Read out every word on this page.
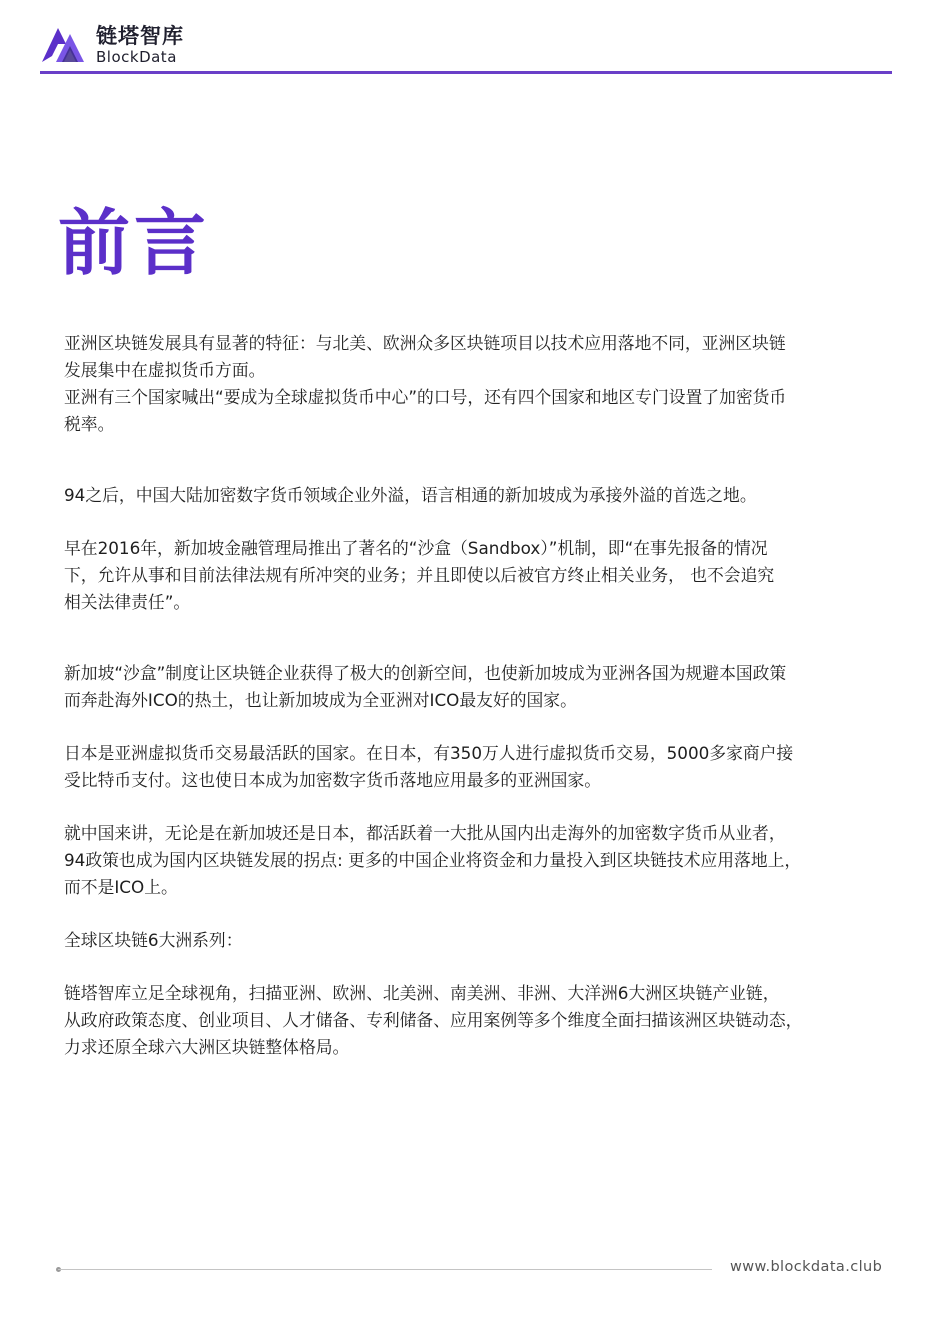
链塔智库
BlockData
前言

亚洲区块链发展具有显著的特征：与北美、欧洲众多区块链项目以技术应用落地不同，亚洲区块链
发展集中在虚拟货币方面。

亚洲有三个国家喊出“要成为全球虚拟货币中心”的口号，还有四个国家和地区专门设置了加密货币
税率。

94之后，中国大陆加密数字货币领域企业外溢，语言相通的新加坡成为承接外溢的首选之地。

早在2016年，新加坡金融管理局推出了著名的“沙盒（Sandbox）”机制，即“在事先报备的情况
下，允许从事和目前法律法规有所冲突的业务；并且即使以后被官方终止相关业务， 也不会追究
相关法律责任”。

新加坡“沙盒”制度让区块链企业获得了极大的创新空间，也使新加坡成为亚洲各国为规避本国政策
而奔赴海外ICO的热土，也让新加坡成为全亚洲对ICO最友好的国家。

日本是亚洲虚拟货币交易最活跃的国家。在日本，有350万人进行虚拟货币交易，5000多家商户接
受比特币支付。这也使日本成为加密数字货币落地应用最多的亚洲国家。

就中国来讲，无论是在新加坡还是日本，都活跃着一大批从国内出走海外的加密数字货币从业者，
94政策也成为国内区块链发展的拐点: 更多的中国企业将资金和力量投入到区块链技术应用落地上，
而不是ICO上。

全球区块链6大洲系列：

链塔智库立足全球视角，扫描亚洲、欧洲、北美洲、南美洲、非洲、大洋洲6大洲区块链产业链，
从政府政策态度、创业项目、人才储备、专利储备、应用案例等多个维度全面扫描该洲区块链动态，
力求还原全球六大洲区块链整体格局。

www.blockdata.club
